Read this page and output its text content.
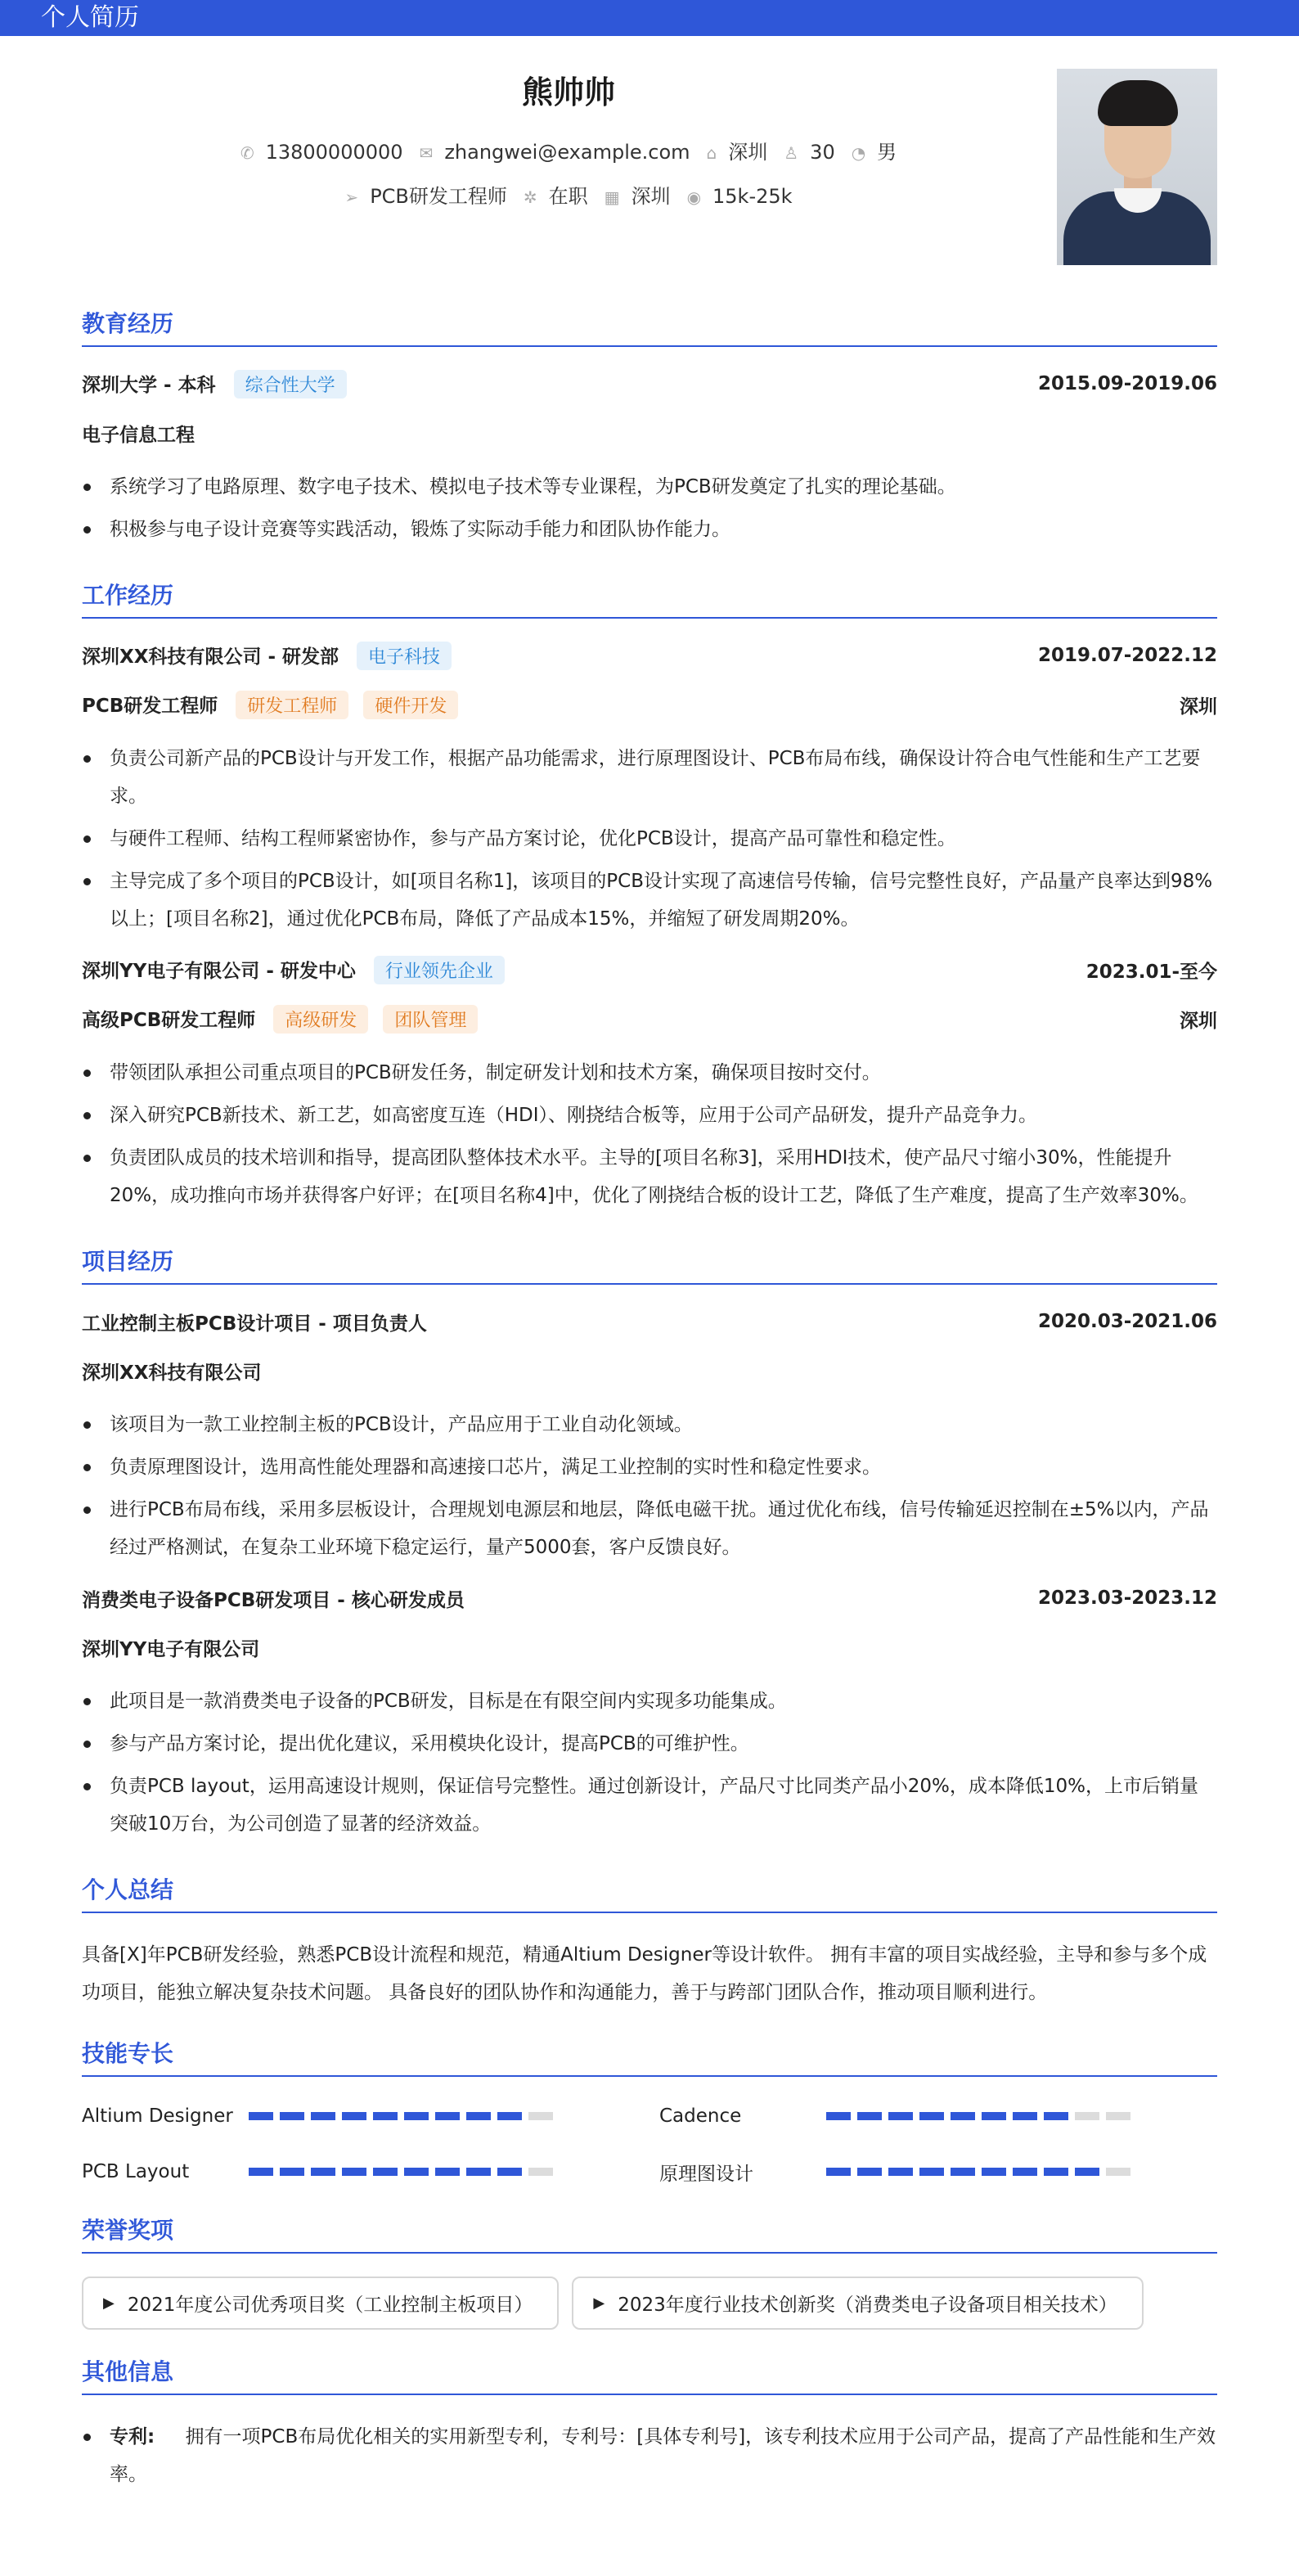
个人简历
熊帅帅
✆ 13800000000 ✉ zhangwei@example.com ⌂ 深圳 ♙ 30 ◔ 男
➢ PCB研发工程师 ✲ 在职 ▦ 深圳 ◉ 15k-25k
教育经历
深圳大学 - 本科 综合性大学	2015.09-2019.06
电子信息工程
系统学习了电路原理、数字电子技术、模拟电子技术等专业课程，为PCB研发奠定了扎实的理论基础。
积极参与电子设计竞赛等实践活动，锻炼了实际动手能力和团队协作能力。
工作经历
深圳XX科技有限公司 - 研发部 电子科技	2019.07-2022.12
PCB研发工程师 研发工程师 硬件开发	深圳
负责公司新产品的PCB设计与开发工作，根据产品功能需求，进行原理图设计、PCB布局布线，确保设计符合电气性能和生产工艺要求。
与硬件工程师、结构工程师紧密协作，参与产品方案讨论，优化PCB设计，提高产品可靠性和稳定性。
主导完成了多个项目的PCB设计，如[项目名称1]，该项目的PCB设计实现了高速信号传输，信号完整性良好，产品量产良率达到98%以上；[项目名称2]，通过优化PCB布局，降低了产品成本15%，并缩短了研发周期20%。
深圳YY电子有限公司 - 研发中心 行业领先企业	2023.01-至今
高级PCB研发工程师 高级研发 团队管理	深圳
带领团队承担公司重点项目的PCB研发任务，制定研发计划和技术方案，确保项目按时交付。
深入研究PCB新技术、新工艺，如高密度互连（HDI）、刚挠结合板等，应用于公司产品研发，提升产品竞争力。
负责团队成员的技术培训和指导，提高团队整体技术水平。主导的[项目名称3]，采用HDI技术，使产品尺寸缩小30%，性能提升20%，成功推向市场并获得客户好评；在[项目名称4]中，优化了刚挠结合板的设计工艺，降低了生产难度，提高了生产效率30%。
项目经历
工业控制主板PCB设计项目 - 项目负责人	2020.03-2021.06
深圳XX科技有限公司
该项目为一款工业控制主板的PCB设计，产品应用于工业自动化领域。
负责原理图设计，选用高性能处理器和高速接口芯片，满足工业控制的实时性和稳定性要求。
进行PCB布局布线，采用多层板设计，合理规划电源层和地层，降低电磁干扰。通过优化布线，信号传输延迟控制在±5%以内，产品经过严格测试，在复杂工业环境下稳定运行，量产5000套，客户反馈良好。
消费类电子设备PCB研发项目 - 核心研发成员	2023.03-2023.12
深圳YY电子有限公司
此项目是一款消费类电子设备的PCB研发，目标是在有限空间内实现多功能集成。
参与产品方案讨论，提出优化建议，采用模块化设计，提高PCB的可维护性。
负责PCB layout，运用高速设计规则，保证信号完整性。通过创新设计，产品尺寸比同类产品小20%，成本降低10%，上市后销量突破10万台，为公司创造了显著的经济效益。
个人总结
具备[X]年PCB研发经验，熟悉PCB设计流程和规范，精通Altium Designer等设计软件。 拥有丰富的项目实战经验，主导和参与多个成功项目，能独立解决复杂技术问题。 具备良好的团队协作和沟通能力，善于与跨部门团队合作，推动项目顺利进行。
技能专长
Altium Designer	Cadence
PCB Layout	原理图设计
荣誉奖项
▶ 2021年度公司优秀项目奖（工业控制主板项目）	▶ 2023年度行业技术创新奖（消费类电子设备项目相关技术）
其他信息
专利: 拥有一项PCB布局优化相关的实用新型专利，专利号：[具体专利号]，该专利技术应用于公司产品，提高了产品性能和生产效率。
